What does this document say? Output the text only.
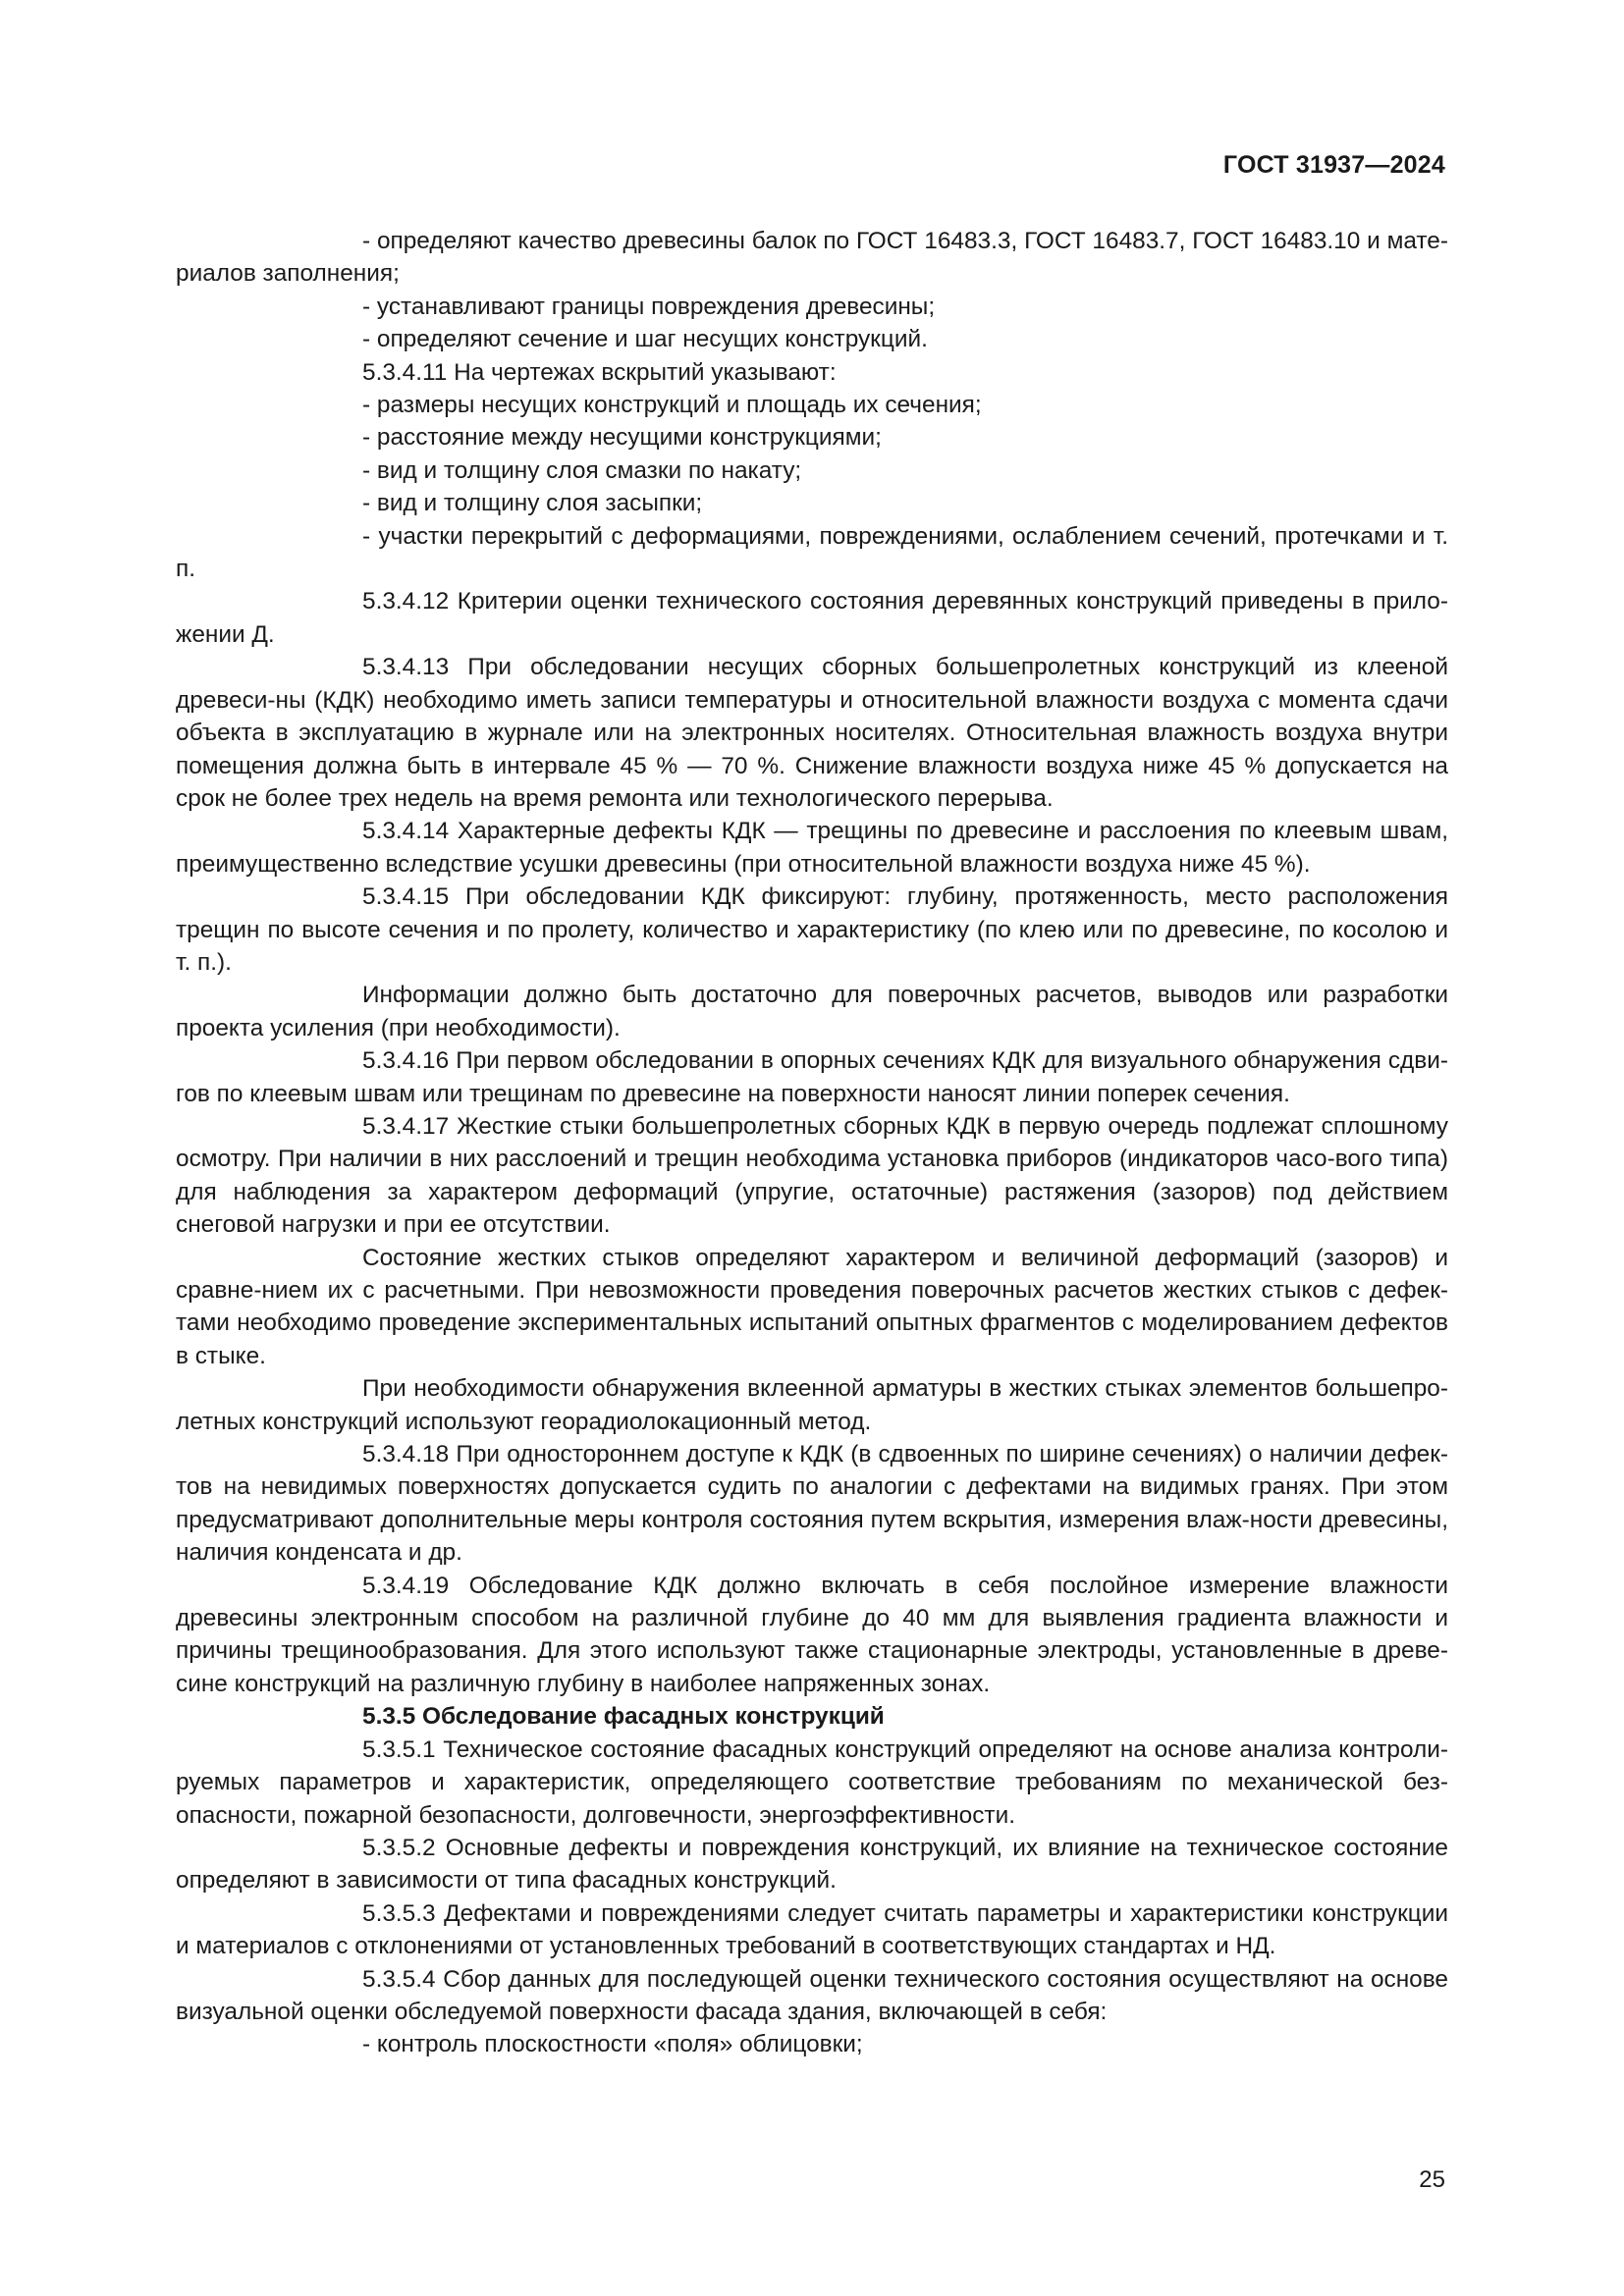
ГОСТ 31937—2024

- определяют качество древесины балок по ГОСТ 16483.3, ГОСТ 16483.7, ГОСТ 16483.10 и мате-риалов заполнения;

- устанавливают границы повреждения древесины;

- определяют сечение и шаг несущих конструкций.

5.3.4.11 На чертежах вскрытий указывают:

- размеры несущих конструкций и площадь их сечения;

- расстояние между несущими конструкциями;

- вид и толщину слоя смазки по накату;

- вид и толщину слоя засыпки;

- участки перекрытий с деформациями, повреждениями, ослаблением сечений, протечками и т. п.

5.3.4.12 Критерии оценки технического состояния деревянных конструкций приведены в прило-жении Д.

5.3.4.13 При обследовании несущих сборных большепролетных конструкций из клееной древеси-ны (КДК) необходимо иметь записи температуры и относительной влажности воздуха с момента сдачи объекта в эксплуатацию в журнале или на электронных носителях. Относительная влажность воздуха внутри помещения должна быть в интервале 45 % — 70 %. Снижение влажности воздуха ниже 45 % допускается на срок не более трех недель на время ремонта или технологического перерыва.

5.3.4.14 Характерные дефекты КДК — трещины по древесине и расслоения по клеевым швам, преимущественно вследствие усушки древесины (при относительной влажности воздуха ниже 45 %).

5.3.4.15 При обследовании КДК фиксируют: глубину, протяженность, место расположения трещин по высоте сечения и по пролету, количество и характеристику (по клею или по древесине, по косолою и т. п.).

Информации должно быть достаточно для поверочных расчетов, выводов или разработки проекта усиления (при необходимости).

5.3.4.16 При первом обследовании в опорных сечениях КДК для визуального обнаружения сдви-гов по клеевым швам или трещинам по древесине на поверхности наносят линии поперек сечения.

5.3.4.17 Жесткие стыки большепролетных сборных КДК в первую очередь подлежат сплошному осмотру. При наличии в них расслоений и трещин необходима установка приборов (индикаторов часо-вого типа) для наблюдения за характером деформаций (упругие, остаточные) растяжения (зазоров) под действием снеговой нагрузки и при ее отсутствии.

Состояние жестких стыков определяют характером и величиной деформаций (зазоров) и сравне-нием их с расчетными. При невозможности проведения поверочных расчетов жестких стыков с дефек-тами необходимо проведение экспериментальных испытаний опытных фрагментов с моделированием дефектов в стыке.

При необходимости обнаружения вклеенной арматуры в жестких стыках элементов большепро-летных конструкций используют георадиолокационный метод.

5.3.4.18 При одностороннем доступе к КДК (в сдвоенных по ширине сечениях) о наличии дефек-тов на невидимых поверхностях допускается судить по аналогии с дефектами на видимых гранях. При этом предусматривают дополнительные меры контроля состояния путем вскрытия, измерения влаж-ности древесины, наличия конденсата и др.

5.3.4.19 Обследование КДК должно включать в себя послойное измерение влажности древесины электронным способом на различной глубине до 40 мм для выявления градиента влажности и причины трещинообразования. Для этого используют также стационарные электроды, установленные в древе-сине конструкций на различную глубину в наиболее напряженных зонах.

5.3.5 Обследование фасадных конструкций

5.3.5.1 Техническое состояние фасадных конструкций определяют на основе анализа контроли-руемых параметров и характеристик, определяющего соответствие требованиям по механической без-опасности, пожарной безопасности, долговечности, энергоэффективности.

5.3.5.2 Основные дефекты и повреждения конструкций, их влияние на техническое состояние определяют в зависимости от типа фасадных конструкций.

5.3.5.3 Дефектами и повреждениями следует считать параметры и характеристики конструкции и материалов с отклонениями от установленных требований в соответствующих стандартах и НД.

5.3.5.4 Сбор данных для последующей оценки технического состояния осуществляют на основе визуальной оценки обследуемой поверхности фасада здания, включающей в себя:

- контроль плоскостности «поля» облицовки;

25
